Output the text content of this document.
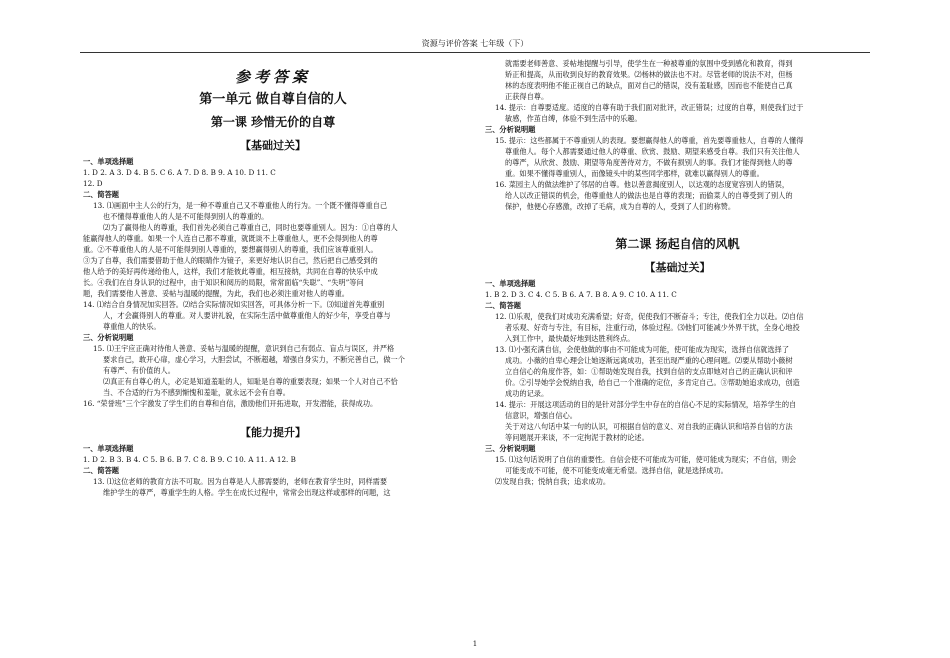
资源与评价答案 七年级（下）
参考答案
第一单元 做自尊自信的人
第一课 珍惜无价的自尊
【基础过关】
一、单项选择题
1. D 2. A 3. D 4. B 5. C 6. A 7. D 8. B 9. A 10. D 11. C
12. D
二、简答题
13. ⑴画面中主人公的行为，是一种不尊重自己又不尊重他人的行为。一个既不懂得尊重自己
也不懂得尊重他人的人是不可能得到别人的尊重的。
⑵为了赢得他人的尊重，我们首先必须自己尊重自己，同时也要尊重别人。因为：①自尊的人
能赢得他人的尊重。如果一个人连自己都不尊重，就既谈不上尊重他人，更不会得到他人的尊
重。②不尊重他人的人是不可能得到别人尊重的，要想赢得别人的尊重，我们应该尊重别人。
③为了自尊，我们需要借助于他人的眼睛作为镜子，来更好地认识自己，然后把自己感受到的
他人给予的美好再传递给他人，这样，我们才能彼此尊重，相互接纳，共同在自尊的快乐中成
长。④我们在自身认识的过程中，由于知识和阅历的局限，常常面临“失聪”、“失明”等问
题，我们需要他人善意、妥帖与温暖的提醒，为此，我们也必须注重对他人的尊重。
14. ⑴结合自身情况加实回答。⑵结合实际情况如实回答，可具体分析一下。⑶知道首先尊重别
人，才会赢得别人的尊重。对人要讲礼貌，在实际生活中做尊重他人的好少年，享受自尊与
尊重他人的快乐。
三、分析说明题
15. ⑴王宇应正确对待他人善意、妥帖与温暖的提醒，意识到自己有弱点、盲点与误区，并严格
要求自己，敢开心扉，虚心学习，大胆尝试，不断超越，增强自身实力，不断完善自己，做一个
有尊严、有价值的人。
⑵真正有自尊心的人，必定是知道羞耻的人，知耻是自尊的重要表现；如果一个人对自己不恰
当、不合适的行为不感到惭愧和羞耻，就永远不会有自尊。
16. “荣誉班”三个字激发了学生们的自尊和自信，激励他们开拓进取，开发潜能，获得成功。
【能力提升】
一、单项选择题
1. D 2. B 3. B 4. C 5. B 6. B 7. C 8. B 9. C 10. A 11. A 12. B
二、简答题
13. ⑴这位老师的教育方法不可取。因为自尊是人人都需要的，老师在教育学生时，同样需要
维护学生的尊严，尊重学生的人格。学生在成长过程中，常常会出现这样或那样的问题，这
就需要老师善意、妥帖地提醒与引导，使学生在一种被尊重的氛围中受到感化和教育，得到
矫正和提高，从而收到良好的教育效果。⑵杨林的做法也不对。尽管老师的说法不对，但杨
林的态度表明他不能正视自己的缺点，面对自己的错误，没有羞耻感，因而也不能使自己真
正获得自尊。
14. 提示：自尊要适度。适度的自尊有助于我们面对批评，改正错误；过度的自尊，则使我们过于
敏感，作茧自缚，体验不到生活中的乐趣。
三、分析说明题
15. 提示：这些都属于不尊重别人的表现。要想赢得他人的尊重，首先要尊重他人，自尊的人懂得
尊重他人。每个人都需要通过他人的尊重、欣赏、鼓励、期望来感受自尊。我们只有关注他人
的尊严，从欣赏、鼓励、期望等角度善待对方，不做有损别人的事。我们才能得到他人的尊
重。如果不懂得尊重别人，而像镜头中的某些同学那样，就难以赢得别人的尊重。
16. 菜园主人的做法维护了邻居的自尊。他以善意揭度别人，以达观的态度宽容别人的错误，
给人以改正错误的机会，他尊重他人的做法也是自尊的表现；而偷菜人的自尊受到了别人的
保护，他便心存感激，改掉了毛病，成为自尊的人，受到了人们的称赞。
第二课 扬起自信的风帆
【基础过关】
一、单项选择题
1. B 2. D 3. C 4. C 5. B 6. A 7. B 8. A 9. C 10. A 11. C
二、简答题
12. ⑴乐观，使我们对成功充满希望；好奇，促使我们不断奋斗；专注，使我们全力以赴。⑵自信
者乐观、好奇与专注，有目标，注重行动，体验过程。⑶他们可能减少外界干扰，全身心地投
入到工作中，最快最好地到达胜利终点。
13. ⑴小强充满自信，会使他做的事由不可能成为可能，使可能成为现实，选择自信就选择了
成功。小薇的自卑心理会让她逐渐远离成功，甚至出现严重的心理问题。⑵要从帮助小薇树
立自信心的角度作答，如：①帮助她发现自我，找到自信的支点即她对自己的正确认识和评
价。②引导她学会悦纳自我，给自己一个准确的定位，多肯定自己。③帮助她追求成功，创造
成功的记录。
14. 提示：开展这项活动的目的是针对部分学生中存在的自信心不足的实际情况，培养学生的自
信意识，增强自信心。
关于对这八句话中某一句的认识，可根据自信的意义、对自我的正确认识和培养自信的方法
等问题展开来谈，不一定拘泥于教材的论述。
三、分析说明题
15. ⑴这句话说明了自信的重要性。自信会使不可能成为可能，使可能成为现实；不自信，则会
可能变成不可能，使不可能变成毫无希望。选择自信，就是选择成功。
⑵发现自我；悦纳自我；追求成功。
1
